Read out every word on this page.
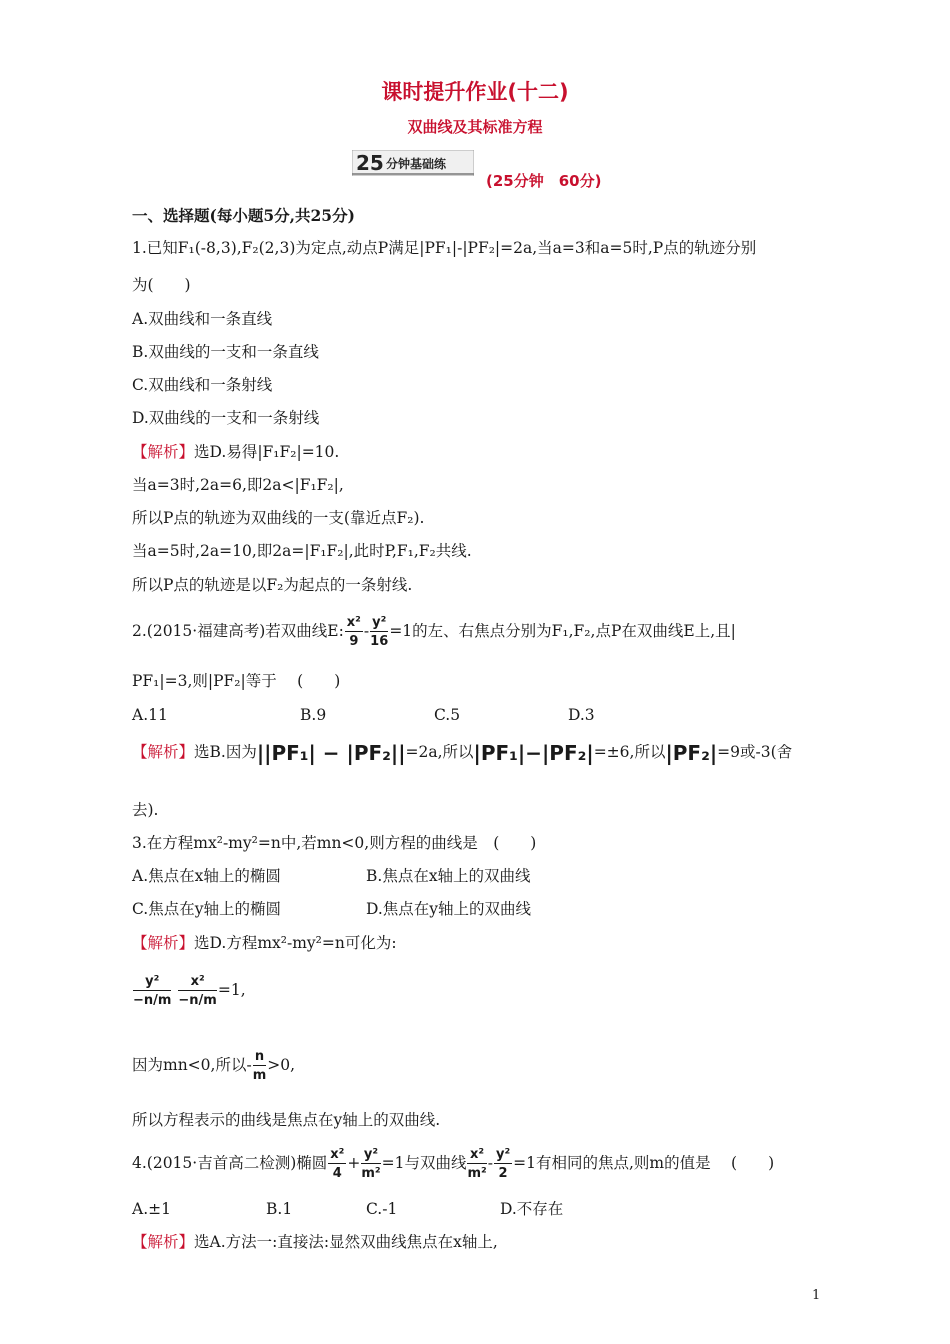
课时提升作业(十二)
双曲线及其标准方程
25 分钟基础练
(25分钟　60分)
一、选择题(每小题5分,共25分)
1.已知F₁(-8,3),F₂(2,3)为定点,动点P满足|PF₁|-|PF₂|=2a,当a=3和a=5时,P点的轨迹分别
为(　　)
A.双曲线和一条直线
B.双曲线的一支和一条直线
C.双曲线和一条射线
D.双曲线的一支和一条射线
【解析】选D.易得|F₁F₂|=10.
当a=3时,2a=6,即2a<|F₁F₂|,
所以P点的轨迹为双曲线的一支(靠近点F₂).
当a=5时,2a=10,即2a=|F₁F₂|,此时P,F₁,F₂共线.
所以P点的轨迹是以F₂为起点的一条射线.
2.(2015·福建高考)若双曲线E: $\frac{\text{x²}}{9} - \frac{\text{y²}}{16} =1$的左、右焦点分别为F₁,F₂,点P在双曲线E上,且|
PF₁|=3,则|PF₂|等于　 (　　)
A.11	B.9	C.5	D.3
【解析】选B.因为||PF₁| − |PF₂||=2a,所以|PF₁|−|PF₂|=±6,所以|PF₂|=9或-3(舍
去).
3.在方程mx²-my²=n中,若mn<0,则方程的曲线是　(　　)
A.焦点在x轴上的椭圆	B.焦点在x轴上的双曲线
C.焦点在y轴上的椭圆	D.焦点在y轴上的双曲线
【解析】选D.方程mx²-my²=n可化为:
$\frac{\text{y²}}{-n/m}$
$\frac{\text{x²}}{-n/m} =1$,
因为mn<0,所以- $\frac{n}{m} >0$,
所以方程表示的曲线是焦点在y轴上的双曲线.
4.(2015·吉首高二检测)椭圆 $\frac{\text{x²}}{4} + \frac{\text{y²}}{\text{m²}} =1$与双曲线 $\frac{\text{x²}}{\text{m²}} - \frac{\text{y²}}{2} =1$有相同的焦点,则m的值是　 (　　)
A.±1	B.1	C.-1	D.不存在
【解析】选A.方法一:直接法:显然双曲线焦点在x轴上,
1
